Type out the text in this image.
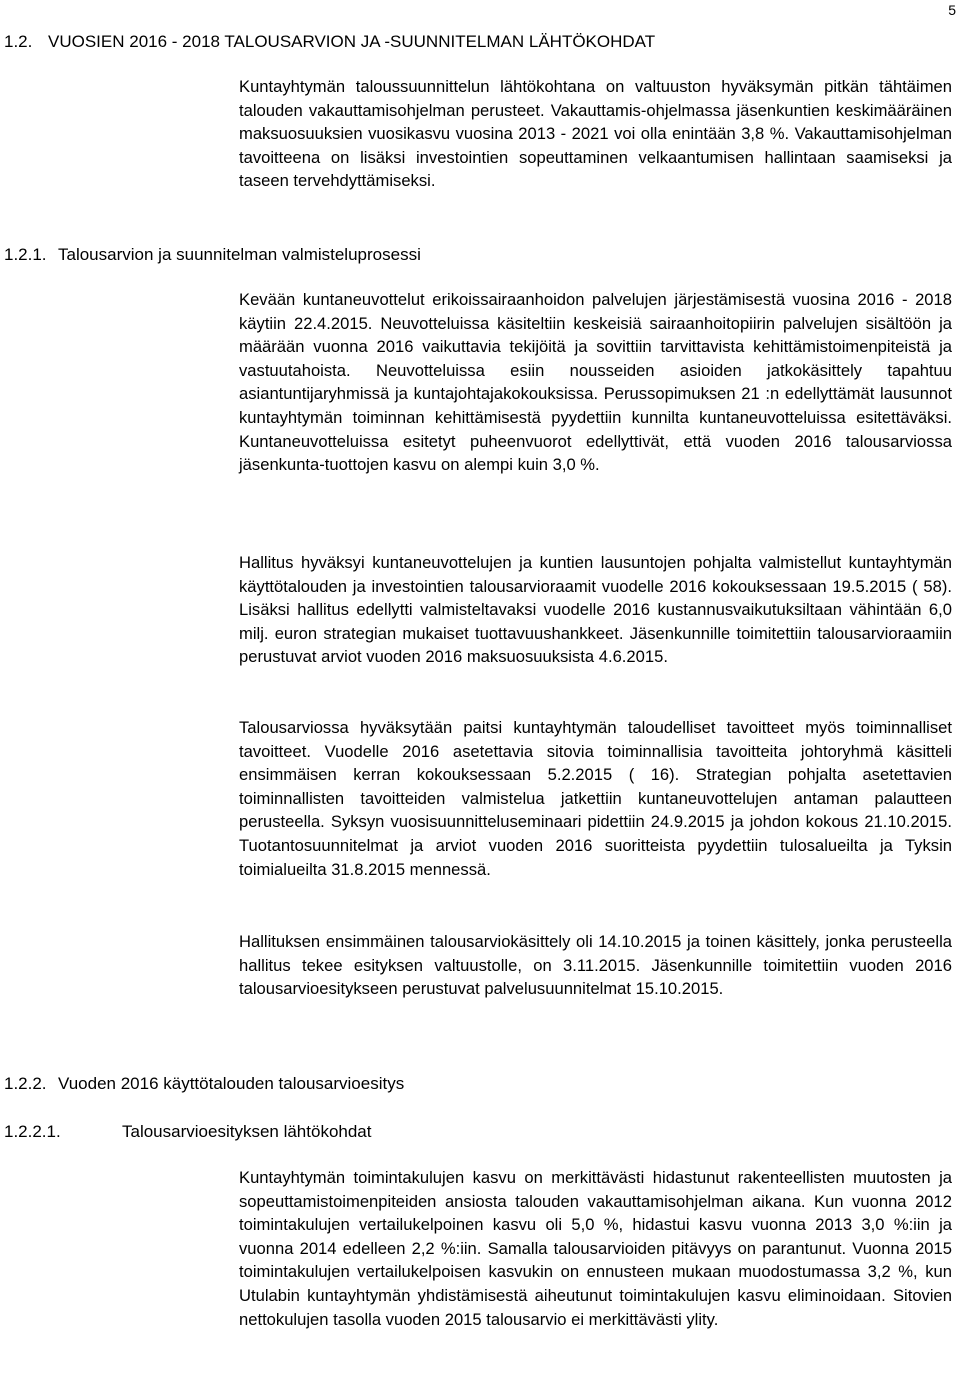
5
1.2. VUOSIEN 2016 - 2018 TALOUSARVION JA -SUUNNITELMAN LÄHTÖKOHDAT

Kuntayhtymän taloussuunnittelun lähtökohtana on valtuuston hyväksymän pitkän tähtäimen talouden vakauttamisohjelman perusteet. Vakauttamis-ohjelmassa jäsenkuntien keskimääräinen maksuosuuksien vuosikasvu vuosina 2013 - 2021 voi olla enintään 3,8 %. Vakauttamisohjelman tavoitteena on lisäksi investointien sopeuttaminen velkaantumisen hallintaan saamiseksi ja taseen tervehdyttämiseksi.

1.2.1. Talousarvion ja suunnitelman valmisteluprosessi

Kevään kuntaneuvottelut erikoissairaanhoidon palvelujen järjestämisestä vuosina 2016 - 2018 käytiin 22.4.2015. Neuvotteluissa käsiteltiin keskeisiä sairaanhoitopiirin palvelujen sisältöön ja määrään vuonna 2016 vaikuttavia tekijöitä ja sovittiin tarvittavista kehittämistoimenpiteistä ja vastuutahoista. Neuvotteluissa esiin nousseiden asioiden jatkokäsittely tapahtuu asiantuntijaryhmissä ja kuntajohtajakokouksissa. Perussopimuksen 21 :n edellyttämät lausunnot kuntayhtymän toiminnan kehittämisestä pyydettiin kunnilta kuntaneuvotteluissa esitettäväksi. Kuntaneuvotteluissa esitetyt puheenvuorot edellyttivät, että vuoden 2016 talousarviossa jäsenkunta-tuottojen kasvu on alempi kuin 3,0 %.

Hallitus hyväksyi kuntaneuvottelujen ja kuntien lausuntojen pohjalta valmistellut kuntayhtymän käyttötalouden ja investointien talousarvioraamit vuodelle 2016 kokouksessaan 19.5.2015 ( 58). Lisäksi hallitus edellytti valmisteltavaksi vuodelle 2016 kustannusvaikutuksiltaan vähintään 6,0 milj. euron strategian mukaiset tuottavuushankkeet. Jäsenkunnille toimitettiin talousarvioraamiin perustuvat arviot vuoden 2016 maksuosuuksista 4.6.2015.

Talousarviossa hyväksytään paitsi kuntayhtymän taloudelliset tavoitteet myös toiminnalliset tavoitteet. Vuodelle 2016 asetettavia sitovia toiminnallisia tavoitteita johtoryhmä käsitteli ensimmäisen kerran kokouksessaan 5.2.2015 ( 16). Strategian pohjalta asetettavien toiminnallisten tavoitteiden valmistelua jatkettiin kuntaneuvottelujen antaman palautteen perusteella. Syksyn vuosisuunnitteluseminaari pidettiin 24.9.2015 ja johdon kokous 21.10.2015. Tuotantosuunnitelmat ja arviot vuoden 2016 suoritteista pyydettiin tulosalueilta ja Tyksin toimialueilta 31.8.2015 mennessä.

Hallituksen ensimmäinen talousarviokäsittely oli 14.10.2015 ja toinen käsittely, jonka perusteella hallitus tekee esityksen valtuustolle, on 3.11.2015. Jäsenkunnille toimitettiin vuoden 2016 talousarvioesitykseen perustuvat palvelusuunnitelmat 15.10.2015.

1.2.2. Vuoden 2016 käyttötalouden talousarvioesitys
1.2.2.1.	Talousarvioesityksen lähtökohdat

Kuntayhtymän toimintakulujen kasvu on merkittävästi hidastunut rakenteellisten muutosten ja sopeuttamistoimenpiteiden ansiosta talouden vakauttamisohjelman aikana. Kun vuonna 2012 toimintakulujen vertailukelpoinen kasvu oli 5,0 %, hidastui kasvu vuonna 2013 3,0 %:iin ja vuonna 2014 edelleen 2,2 %:iin. Samalla talousarvioiden pitävyys on parantunut. Vuonna 2015 toimintakulujen vertailukelpoisen kasvukin on ennusteen mukaan muodostumassa 3,2 %, kun Utulabin kuntayhtymän yhdistämisestä aiheutunut toimintakulujen kasvu eliminoidaan. Sitovien nettokulujen tasolla vuoden 2015 talousarvio ei merkittävästi ylity.
